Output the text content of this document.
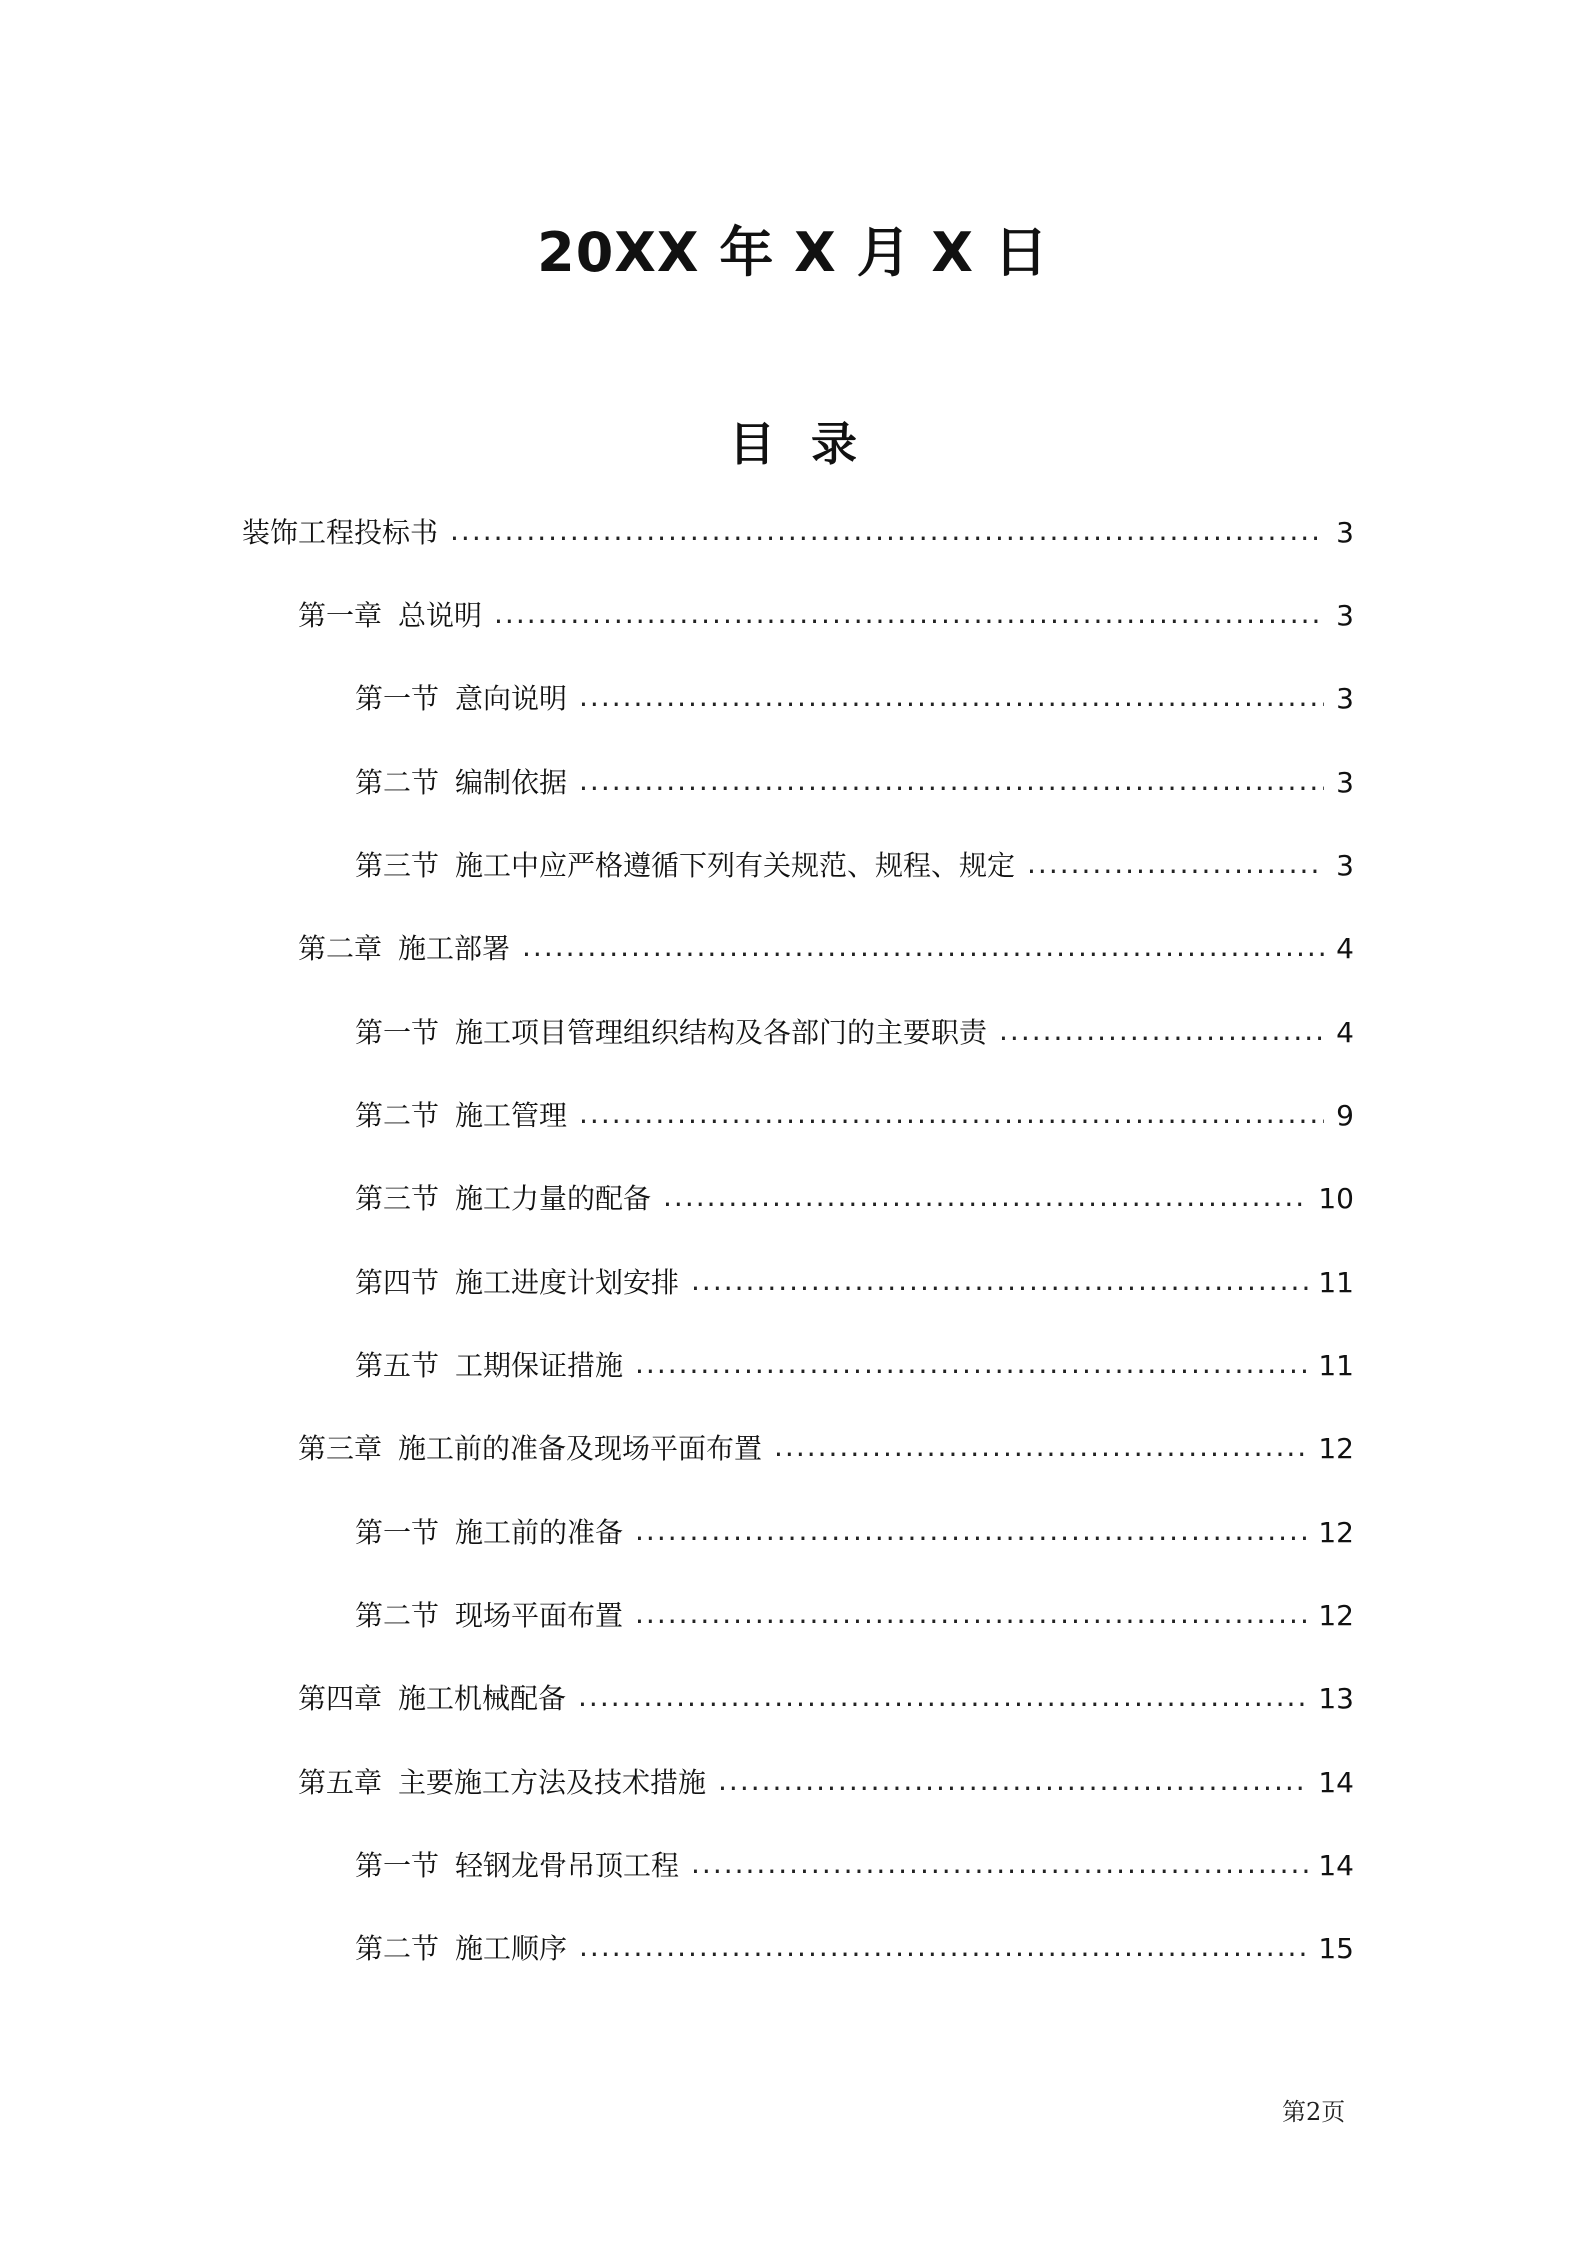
20XX 年 X 月 X 日
目录
装饰工程投标书 .....	3
第一章 总说明 .....	3
第一节 意向说明 .....	3
第二节 编制依据 .....	3
第三节 施工中应严格遵循下列有关规范、规程、规定 .....	3
第二章 施工部署 .....	4
第一节 施工项目管理组织结构及各部门的主要职责 .....	4
第二节 施工管理 .....	9
第三节 施工力量的配备 .....	10
第四节 施工进度计划安排 .....	11
第五节 工期保证措施 .....	11
第三章 施工前的准备及现场平面布置 .....	12
第一节 施工前的准备 .....	12
第二节 现场平面布置 .....	12
第四章 施工机械配备 .....	13
第五章 主要施工方法及技术措施 .....	14
第一节 轻钢龙骨吊顶工程 .....	14
第二节 施工顺序 .....	15
第2页
